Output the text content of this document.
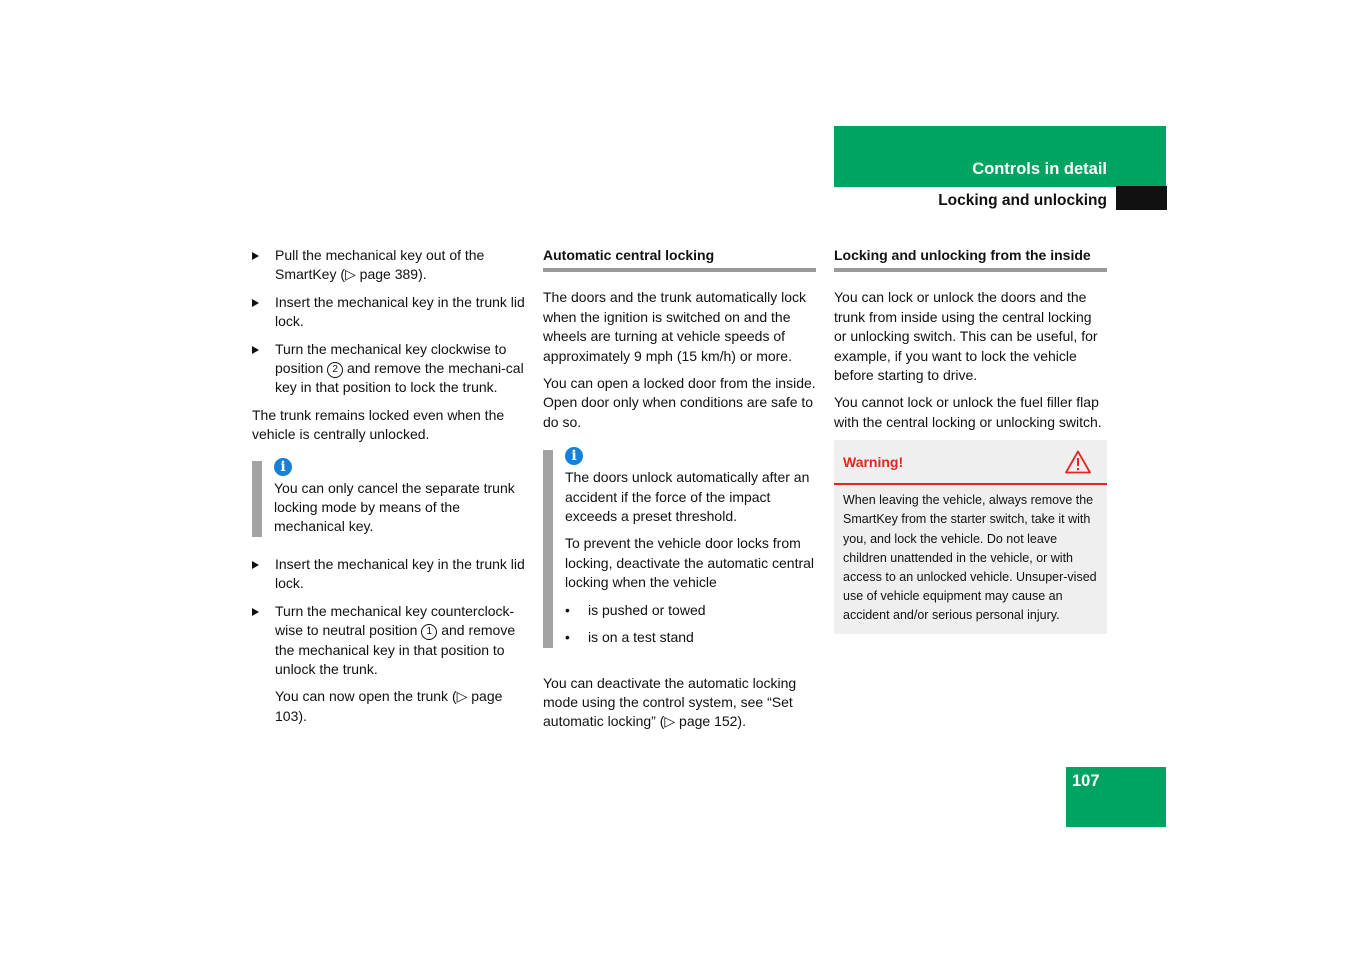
Controls in detail
Locking and unlocking
Pull the mechanical key out of the SmartKey (▷ page 389).
Insert the mechanical key in the trunk lid lock.
Turn the mechanical key clockwise to position 2 and remove the mechani-cal key in that position to lock the trunk.

The trunk remains locked even when the vehicle is centrally unlocked.

i
You can only cancel the separate trunk locking mode by means of the mechanical key.
Insert the mechanical key in the trunk lid lock.
Turn the mechanical key counterclock-wise to neutral position 1 and remove the mechanical key in that position to unlock the trunk.

You can now open the trunk (▷ page 103).

Automatic central locking

The doors and the trunk automatically lock when the ignition is switched on and the wheels are turning at vehicle speeds of approximately 9 mph (15 km/h) or more.

You can open a locked door from the inside. Open door only when conditions are safe to do so.

i

The doors unlock automatically after an accident if the force of the impact exceeds a preset threshold.

To prevent the vehicle door locks from locking, deactivate the automatic central locking when the vehicle

• is pushed or towed
• is on a test stand

You can deactivate the automatic locking mode using the control system, see “Set automatic locking” (▷ page 152).

Locking and unlocking from the inside

You can lock or unlock the doors and the trunk from inside using the central locking or unlocking switch. This can be useful, for example, if you want to lock the vehicle before starting to drive.

You cannot lock or unlock the fuel filler flap with the central locking or unlocking switch.

Warning!
When leaving the vehicle, always remove the SmartKey from the starter switch, take it with you, and lock the vehicle. Do not leave children unattended in the vehicle, or with access to an unlocked vehicle. Unsuper-vised use of vehicle equipment may cause an accident and/or serious personal injury.
107
